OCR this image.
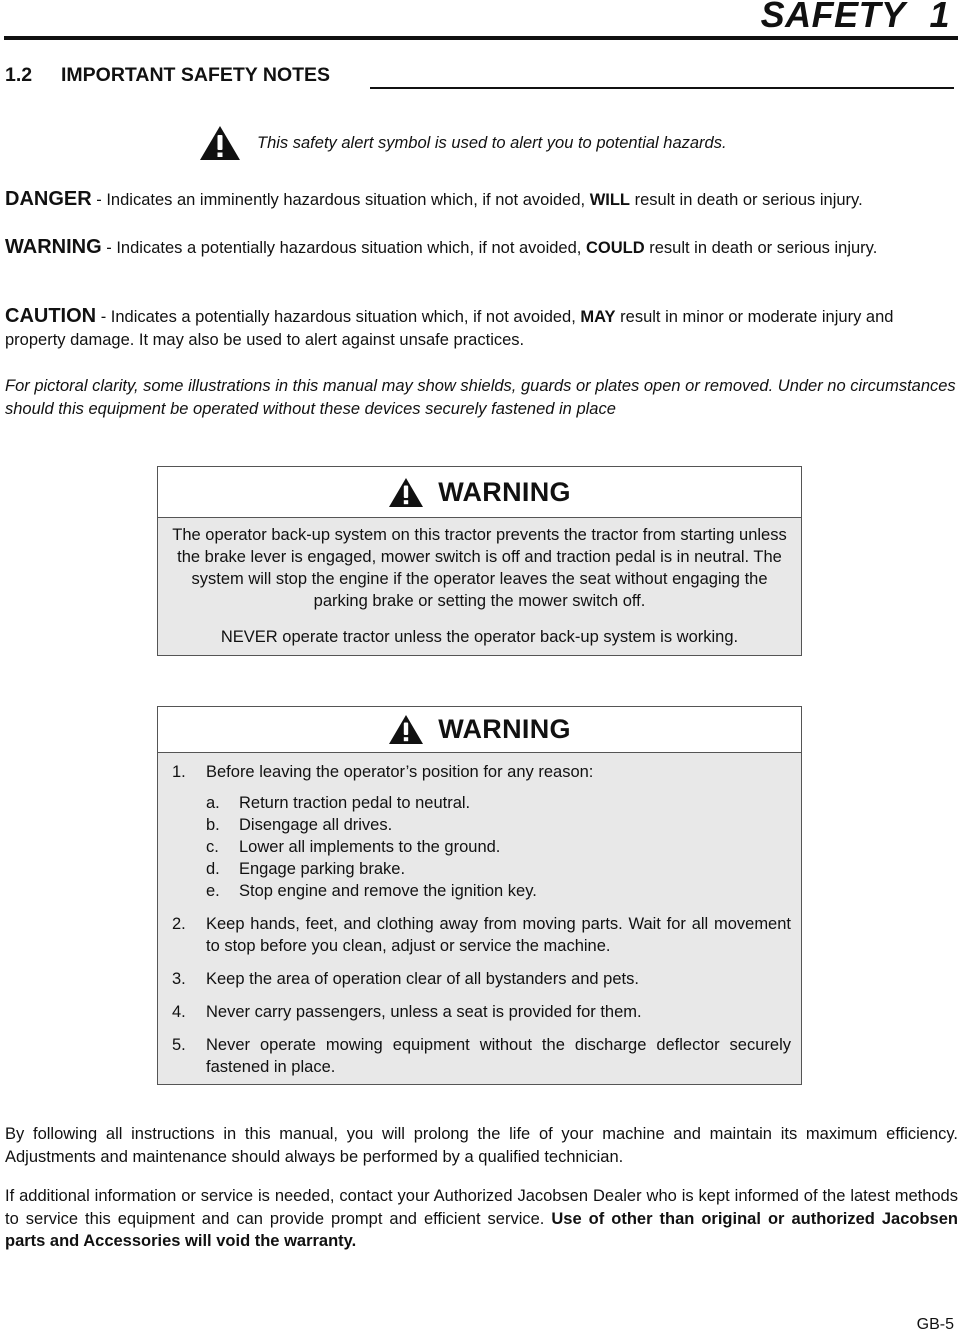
SAFETY 1
1.2 IMPORTANT SAFETY NOTES
This safety alert symbol is used to alert you to potential hazards.
DANGER - Indicates an imminently hazardous situation which, if not avoided, WILL result in death or serious injury.
WARNING - Indicates a potentially hazardous situation which, if not avoided, COULD result in death or serious injury.
CAUTION - Indicates a potentially hazardous situation which, if not avoided, MAY result in minor or moderate injury and property damage. It may also be used to alert against unsafe practices.
For pictoral clarity, some illustrations in this manual may show shields, guards or plates open or removed. Under no circumstances should this equipment be operated without these devices securely fastened in place
WARNING

The operator back-up system on this tractor prevents the tractor from starting unless the brake lever is engaged, mower switch is off and traction pedal is in neutral. The system will stop the engine if the operator leaves the seat without engaging the parking brake or setting the mower switch off.

NEVER operate tractor unless the operator back-up system is working.

WARNING
1.	Before leaving the operator’s position for any reason:
a.	Return traction pedal to neutral.
b.	Disengage all drives.
c.	Lower all implements to the ground.
d.	Engage parking brake.
e.	Stop engine and remove the ignition key.
2.	Keep hands, feet, and clothing away from moving parts. Wait for all movement to stop before you clean, adjust or service the machine.
3.	Keep the area of operation clear of all bystanders and pets.
4.	Never carry passengers, unless a seat is provided for them.
5.	Never operate mowing equipment without the discharge deflector securely fastened in place.
By following all instructions in this manual, you will prolong the life of your machine and maintain its maximum efficiency. Adjustments and maintenance should always be performed by a qualified technician.
If additional information or service is needed, contact your Authorized Jacobsen Dealer who is kept informed of the latest methods to service this equipment and can provide prompt and efficient service. Use of other than original or authorized Jacobsen parts and Accessories will void the warranty.
GB-5
